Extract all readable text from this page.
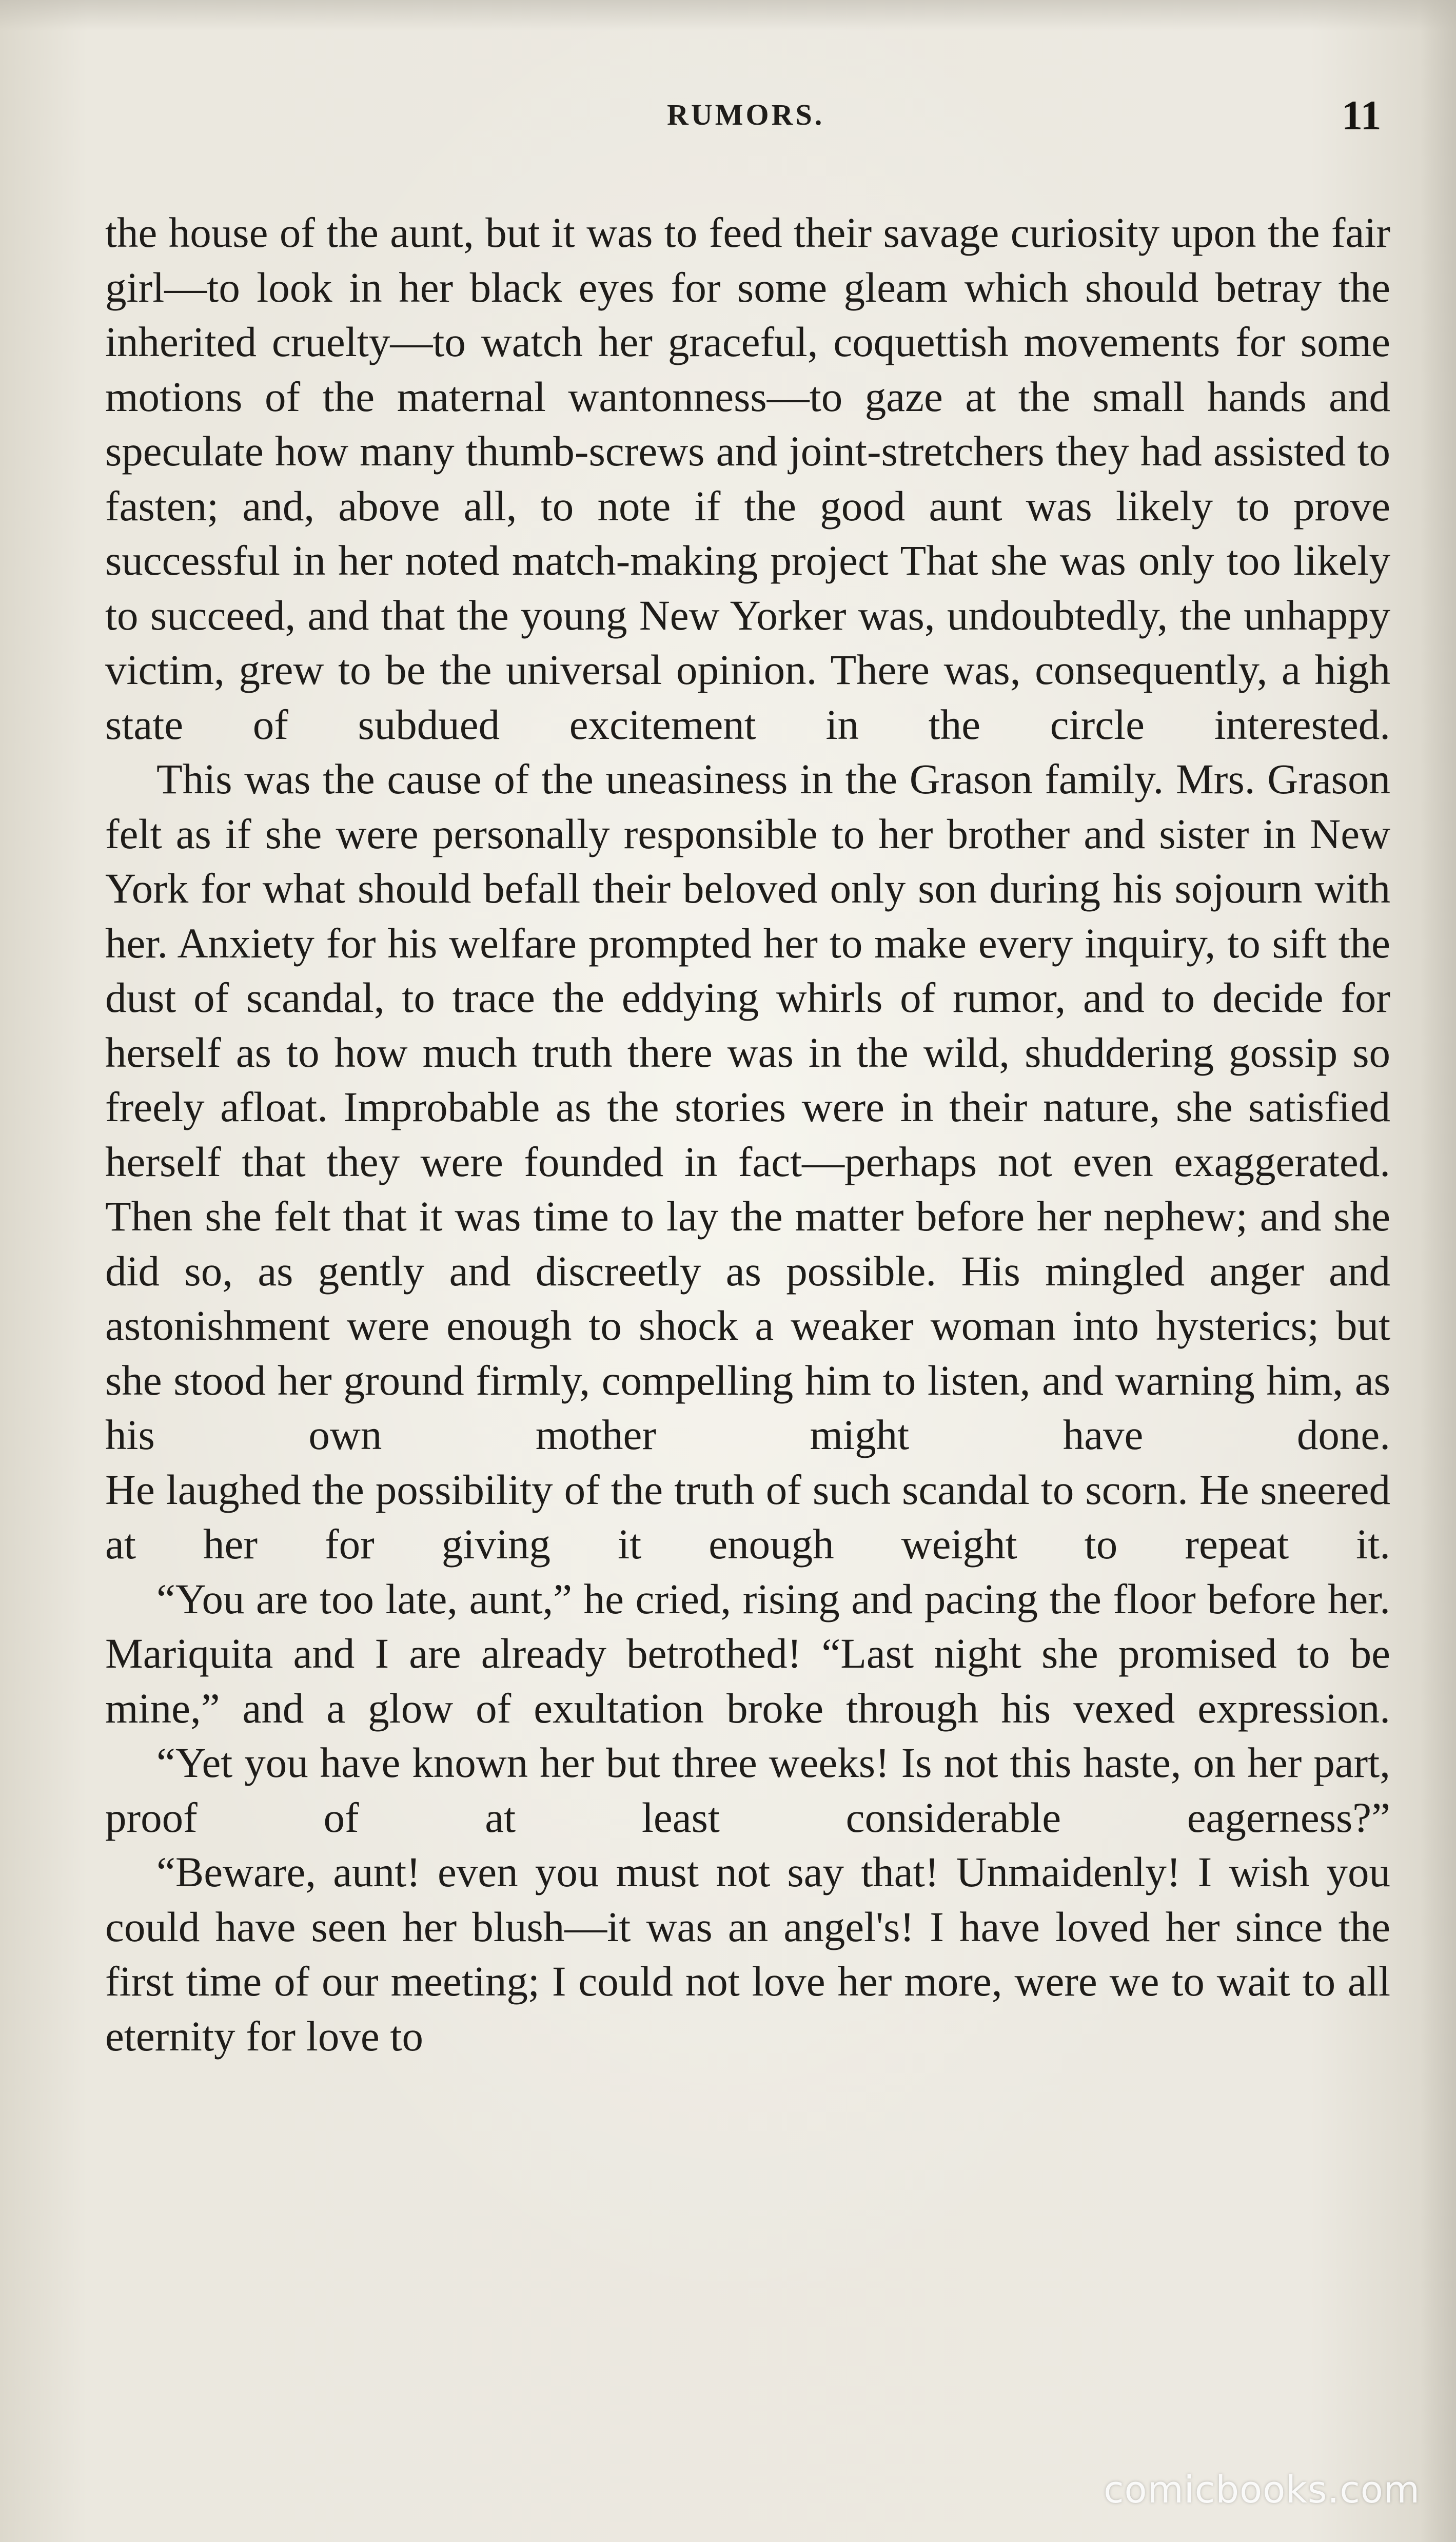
RUMORS.	11

the house of the aunt, but it was to feed their savage curiosity upon the fair girl—to look in her black eyes for some gleam which should betray the inherited cruelty—to watch her graceful, coquettish movements for some motions of the maternal wantonness—to gaze at the small hands and speculate how many thumb-screws and joint-stretchers they had assisted to fasten; and, above all, to note if the good aunt was likely to prove successful in her noted match-making project That she was only too likely to succeed, and that the young New Yorker was, undoubtedly, the unhappy victim, grew to be the universal opinion. There was, consequently, a high state of subdued excitement in the circle interested.

This was the cause of the uneasiness in the Grason family. Mrs. Grason felt as if she were personally responsible to her brother and sister in New York for what should befall their beloved only son during his sojourn with her. Anxiety for his welfare prompted her to make every inquiry, to sift the dust of scandal, to trace the eddying whirls of rumor, and to decide for herself as to how much truth there was in the wild, shuddering gossip so freely afloat. Improbable as the stories were in their nature, she satisfied herself that they were founded in fact—perhaps not even exaggerated. Then she felt that it was time to lay the matter before her nephew; and she did so, as gently and discreetly as possible. His mingled anger and astonishment were enough to shock a weaker woman into hysterics; but she stood her ground firmly, compelling him to listen, and warning him, as his own mother might have done.

He laughed the possibility of the truth of such scandal to scorn. He sneered at her for giving it enough weight to repeat it.

“You are too late, aunt,” he cried, rising and pacing the floor before her. Mariquita and I are already betrothed! “Last night she promised to be mine,” and a glow of exultation broke through his vexed expression.

“Yet you have known her but three weeks! Is not this haste, on her part, proof of at least considerable eagerness?”

“Beware, aunt! even you must not say that! Unmaidenly! I wish you could have seen her blush—it was an angel's! I have loved her since the first time of our meeting; I could not love her more, were we to wait to all eternity for love to

comicbooks.com
